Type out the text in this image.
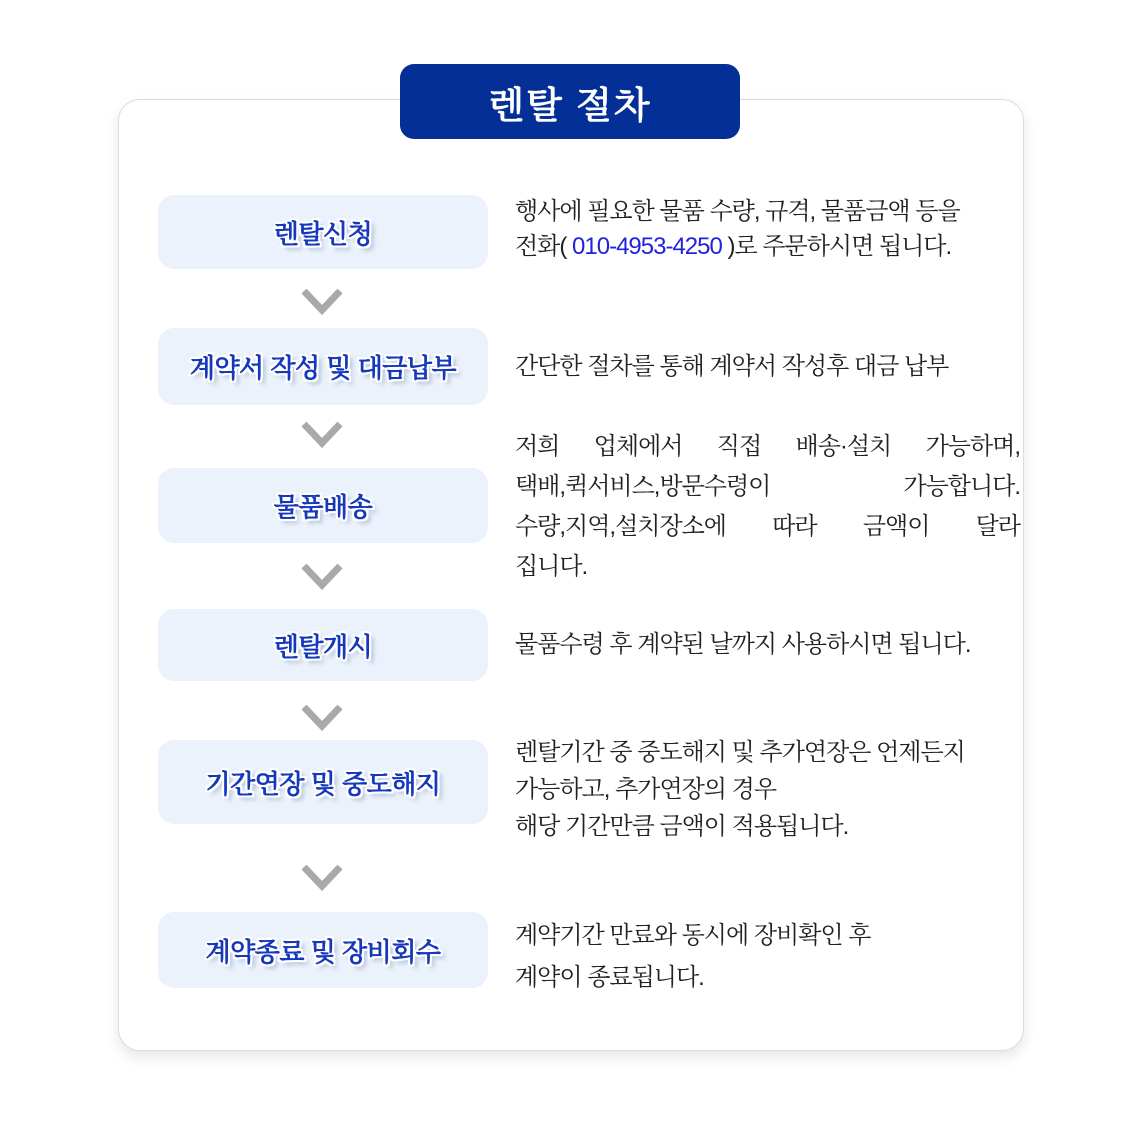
렌탈 절차
렌탈신청
행사에 필요한 물품 수량, 규격, 물품금액 등을
전화( 010-4953-4250 )로 주문하시면 됩니다.
계약서 작성 및 대금납부 간단한 절차를 통해 계약서 작성후 대금 납부
물품배송
저희 업체에서 직접 배송·설치 가능하며,
택배,퀵서비스,방문수령이 가능합니다.
수량,지역,설치장소에 따라 금액이 달라
집니다.
렌탈개시	물품수령 후 계약된 날까지 사용하시면 됩니다.
기간연장 및 중도해지
렌탈기간 중 중도해지 및 추가연장은 언제든지
가능하고, 추가연장의 경우
해당 기간만큼 금액이 적용됩니다.
계약종료 및 장비회수
계약기간 만료와 동시에 장비확인 후
계약이 종료됩니다.
